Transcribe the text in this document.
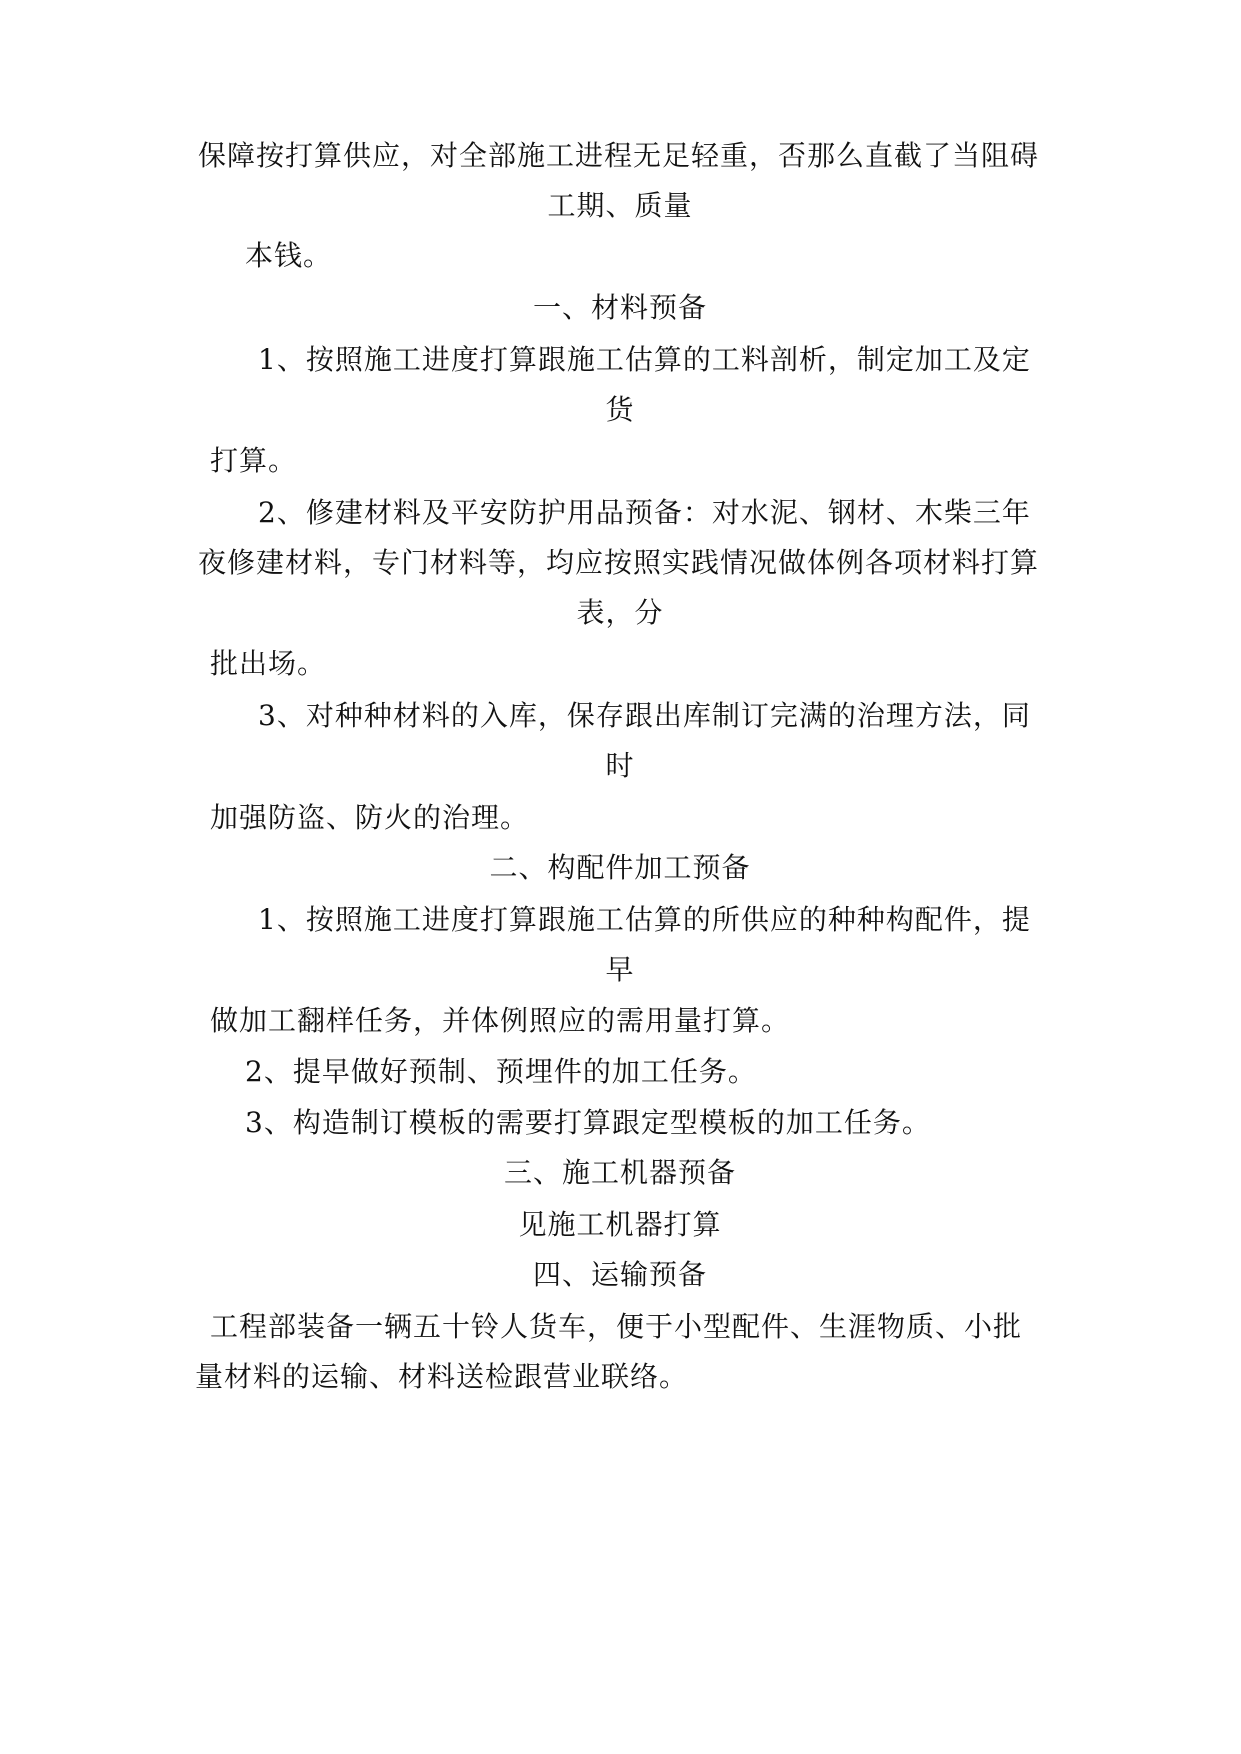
保障按打算供应，对全部施工进程无足轻重，否那么直截了当阻碍
工期、质量
本钱。
一、材料预备
1、按照施工进度打算跟施工估算的工料剖析，制定加工及定
货
打算。
2、修建材料及平安防护用品预备：对水泥、钢材、木柴三年
夜修建材料，专门材料等，均应按照实践情况做体例各项材料打算
表，分
批出场。
3、对种种材料的入库，保存跟出库制订完满的治理方法，同
时
加强防盗、防火的治理。
二、构配件加工预备
1、按照施工进度打算跟施工估算的所供应的种种构配件，提
早
做加工翻样任务，并体例照应的需用量打算。
2、提早做好预制、预埋件的加工任务。
3、构造制订模板的需要打算跟定型模板的加工任务。
三、施工机器预备
见施工机器打算
四、运输预备
工程部装备一辆五十铃人货车，便于小型配件、生涯物质、小批
量材料的运输、材料送检跟营业联络。
